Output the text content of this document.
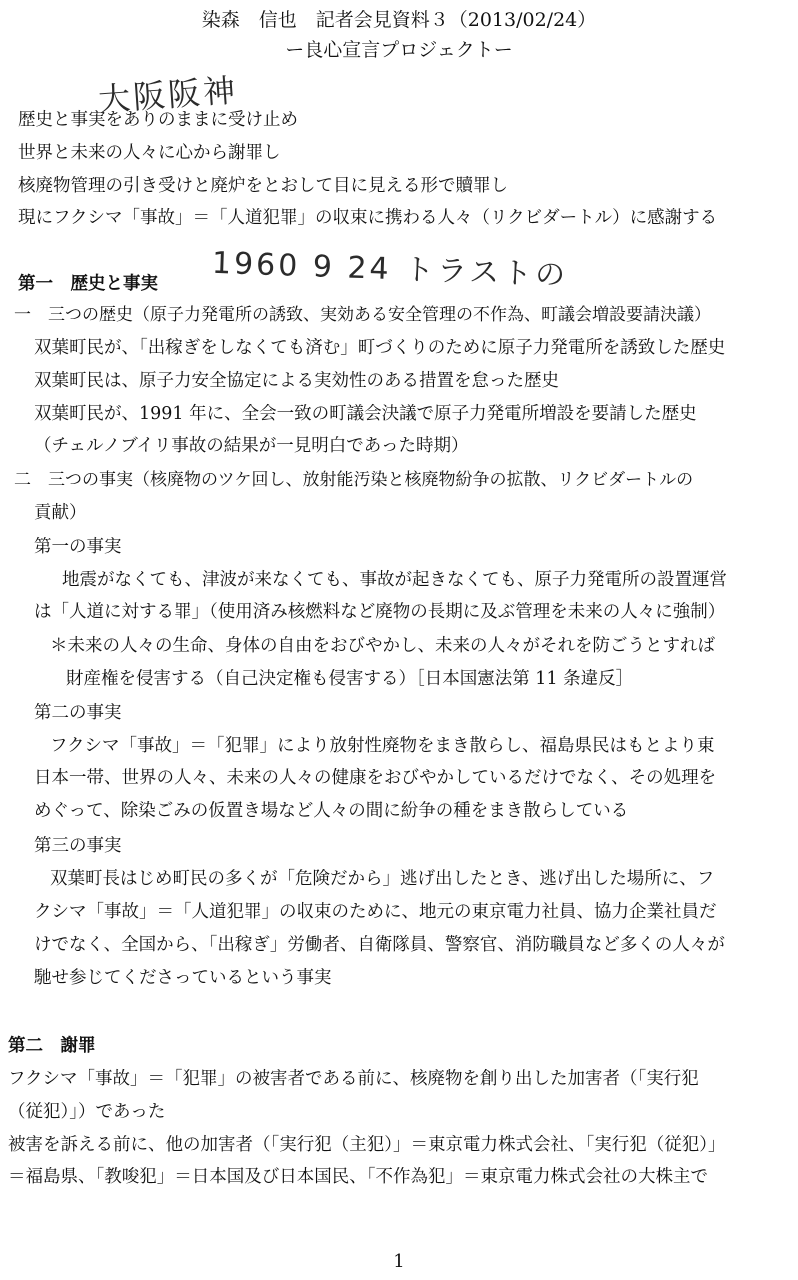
染森　信也　記者会見資料３（2013/02/24）
ー良心宣言プロジェクトー
大阪阪神
歴史と事実をありのままに受け止め
世界と未来の人々に心から謝罪し
核廃物管理の引き受けと廃炉をとおして目に見える形で贖罪し
現にフクシマ「事故」＝「人道犯罪」の収束に携わる人々（リクビダートル）に感謝する
第一　歴史と事実 1960 9 24 トラストの
一　三つの歴史（原子力発電所の誘致、実効ある安全管理の不作為、町議会増設要請決議）
双葉町民が、「出稼ぎをしなくても済む」町づくりのために原子力発電所を誘致した歴史
双葉町民は、原子力安全協定による実効性のある措置を怠った歴史
双葉町民が、1991 年に、全会一致の町議会決議で原子力発電所増設を要請した歴史
（チェルノブイリ事故の結果が一見明白であった時期）
二　三つの事実（核廃物のツケ回し、放射能汚染と核廃物紛争の拡散、リクビダートルの
貢献）
第一の事実
地震がなくても、津波が来なくても、事故が起きなくても、原子力発電所の設置運営
は「人道に対する罪」（使用済み核燃料など廃物の長期に及ぶ管理を未来の人々に強制）
＊未来の人々の生命、身体の自由をおびやかし、未来の人々がそれを防ごうとすれば
財産権を侵害する（自己決定権も侵害する）［日本国憲法第 11 条違反］
第二の事実
フクシマ「事故」＝「犯罪」により放射性廃物をまき散らし、福島県民はもとより東
日本一帯、世界の人々、未来の人々の健康をおびやかしているだけでなく、その処理を
めぐって、除染ごみの仮置き場など人々の間に紛争の種をまき散らしている
第三の事実
双葉町長はじめ町民の多くが「危険だから」逃げ出したとき、逃げ出した場所に、フ
クシマ「事故」＝「人道犯罪」の収束のために、地元の東京電力社員、協力企業社員だ
けでなく、全国から、「出稼ぎ」労働者、自衛隊員、警察官、消防職員など多くの人々が
馳せ参じてくださっているという事実
第二　謝罪
フクシマ「事故」＝「犯罪」の被害者である前に、核廃物を創り出した加害者（「実行犯
（従犯）」）であった
被害を訴える前に、他の加害者（「実行犯（主犯）」＝東京電力株式会社、「実行犯（従犯）」
＝福島県、「教唆犯」＝日本国及び日本国民、「不作為犯」＝東京電力株式会社の大株主で
1
